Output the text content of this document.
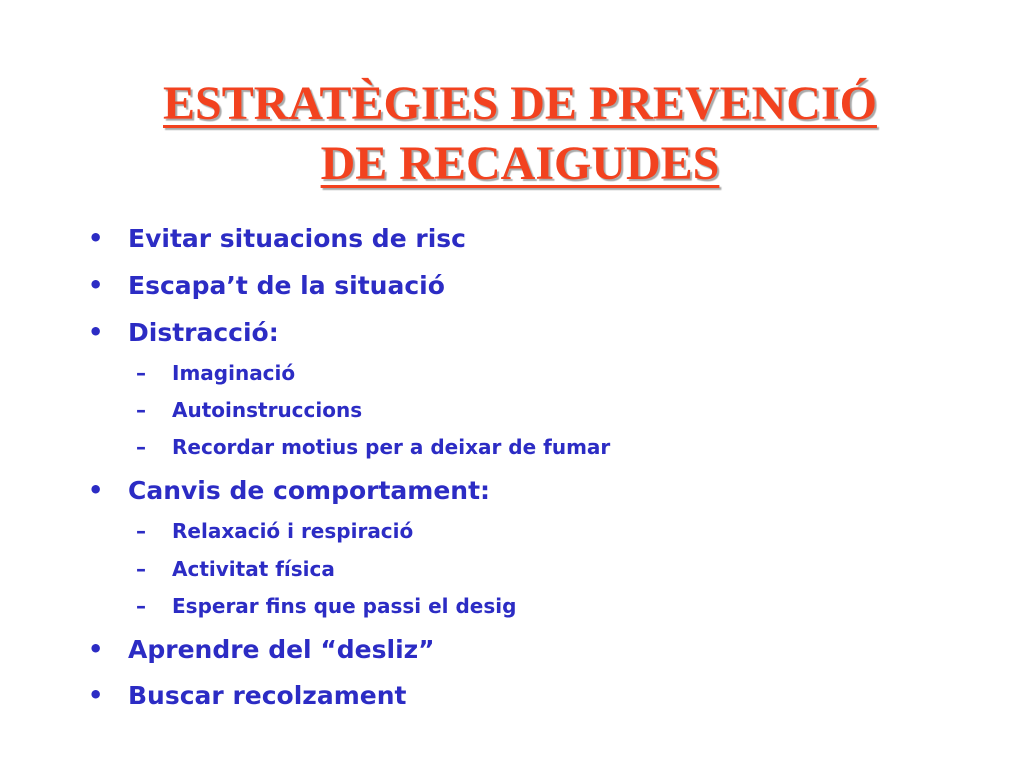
ESTRATÈGIES DE PREVENCIÓ
DE RECAIGUDES
• Evitar situacions de risc
• Escapa’t de la situació
• Distracció:
–	Imaginació
–	Autoinstruccions
–	Recordar motius per a deixar de fumar
• Canvis de comportament:
–	Relaxació i respiració
–	Activitat física
–	Esperar fins que passi el desig
• Aprendre del “desliz”
• Buscar recolzament
